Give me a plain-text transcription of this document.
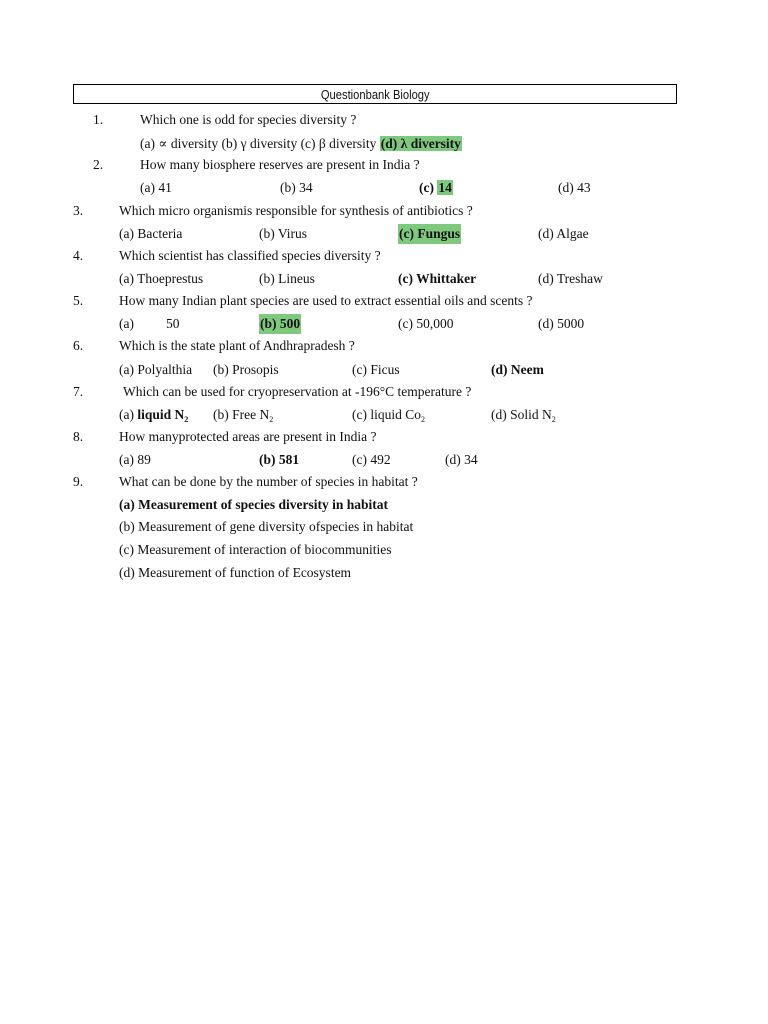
Questionbank Biology
1.	Which one is odd for species diversity ?
(a) ∝ diversity (b) γ diversity (c) β diversity (d) λ diversity
2.	How many biosphere reserves are present in India ?
(a) 41	(b) 34	(c) 14	(d) 43
3.	Which micro organismis responsible for synthesis of antibiotics ?
(a) Bacteria	(b) Virus	(c) Fungus	(d) Algae
4.	Which scientist has classified species diversity ?
(a) Thoeprestus	(b) Lineus	(c) Whittaker	(d) Treshaw
5.	How many Indian plant species are used to extract essential oils and scents ?
(a) 50	(b) 500	(c) 50,000	(d) 5000
6.	Which is the state plant of Andhrapradesh ?
(a) Polyalthia (b) Prosopis	(c) Ficus	(d) Neem
7.	Which can be used for cryopreservation at -196°C temperature ?
(a) liquid $N_2$ (b) Free $N_2$	(c) liquid $Co_2$	(d) Solid $N_2$
8.	How manyprotected areas are present in India ?
(a) 89	(b) 581	(c) 492	(d) 34
9.	What can be done by the number of species in habitat ?
(a) Measurement of species diversity in habitat
(b) Measurement of gene diversity ofspecies in habitat
(c) Measurement of interaction of biocommunities
(d) Measurement of function of Ecosystem
